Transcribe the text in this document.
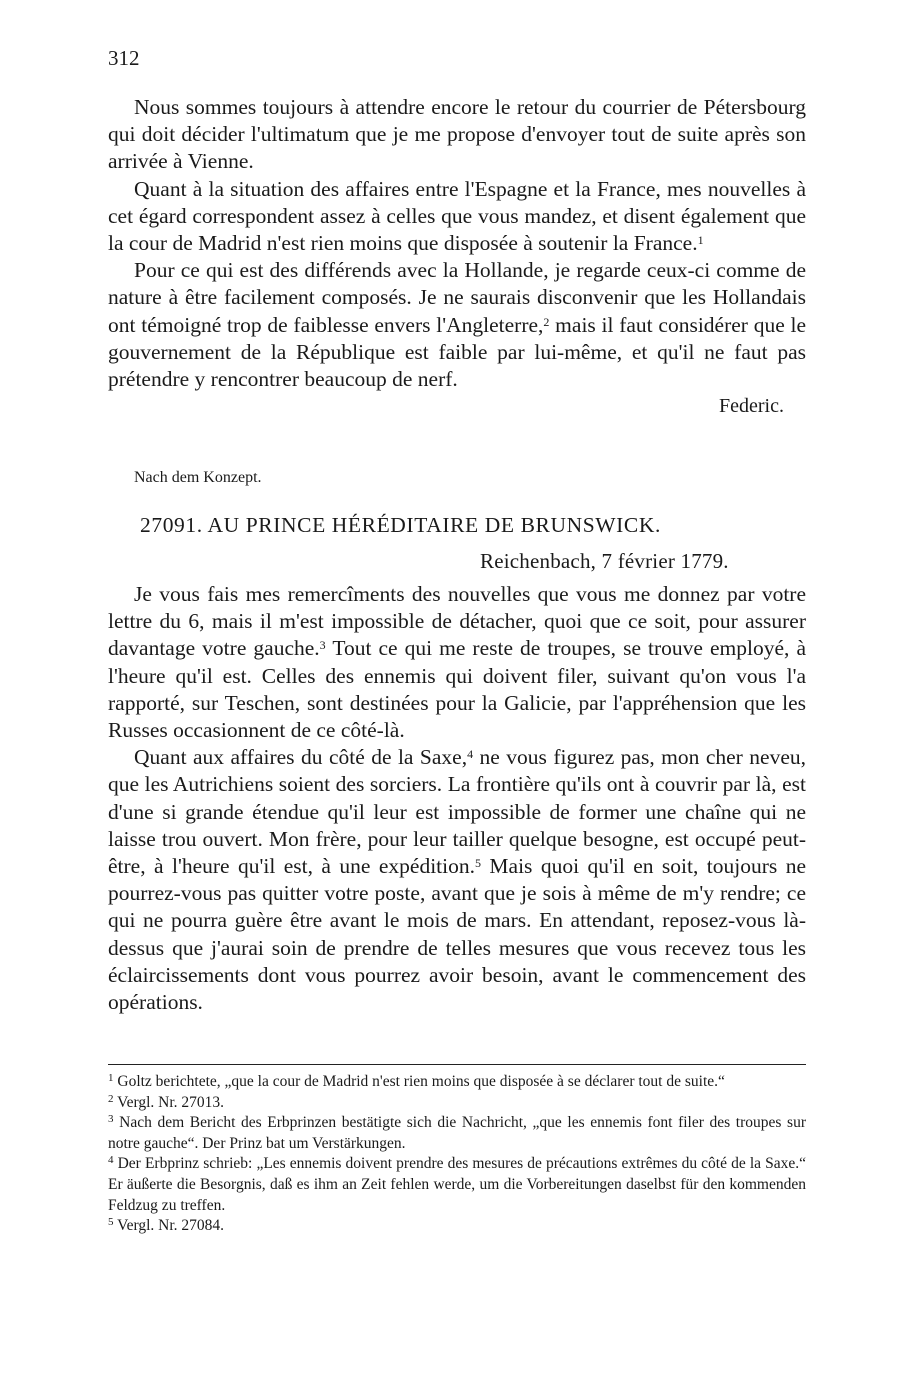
312

Nous sommes toujours à attendre encore le retour du courrier de Pétersbourg qui doit décider l'ultimatum que je me propose d'envoyer tout de suite après son arrivée à Vienne.

Quant à la situation des affaires entre l'Espagne et la France, mes nouvelles à cet égard correspondent assez à celles que vous mandez, et disent également que la cour de Madrid n'est rien moins que disposée à soutenir la France.$^1$

Pour ce qui est des différends avec la Hollande, je regarde ceux-ci comme de nature à être facilement composés. Je ne saurais disconvenir que les Hollandais ont témoigné trop de faiblesse envers l'Angleterre,$^2$ mais il faut considérer que le gouvernement de la République est faible par lui-même, et qu'il ne faut pas prétendre y rencontrer beaucoup de nerf.

Federic.

Nach dem Konzept.
27091. AU PRINCE HÉRÉDITAIRE DE BRUNSWICK.
Reichenbach, 7 février 1779.

Je vous fais mes remercîments des nouvelles que vous me donnez par votre lettre du 6, mais il m'est impossible de détacher, quoi que ce soit, pour assurer davantage votre gauche.$^3$ Tout ce qui me reste de troupes, se trouve employé, à l'heure qu'il est. Celles des ennemis qui doivent filer, suivant qu'on vous l'a rapporté, sur Teschen, sont destinées pour la Galicie, par l'appréhension que les Russes occasionnent de ce côté-là.

Quant aux affaires du côté de la Saxe,$^4$ ne vous figurez pas, mon cher neveu, que les Autrichiens soient des sorciers. La frontière qu'ils ont à couvrir par là, est d'une si grande étendue qu'il leur est impossible de former une chaîne qui ne laisse trou ouvert. Mon frère, pour leur tailler quelque besogne, est occupé peut-être, à l'heure qu'il est, à une expédition.$^5$ Mais quoi qu'il en soit, toujours ne pourrez-vous pas quitter votre poste, avant que je sois à même de m'y rendre; ce qui ne pourra guère être avant le mois de mars. En attendant, reposez-vous là-dessus que j'aurai soin de prendre de telles mesures que vous recevez tous les éclaircissements dont vous pourrez avoir besoin, avant le commencement des opérations.

$^1$ Goltz berichtete, „que la cour de Madrid n'est rien moins que disposée à se déclarer tout de suite.“

$^2$ Vergl. Nr. 27013.

$^3$ Nach dem Bericht des Erbprinzen bestätigte sich die Nachricht, „que les ennemis font filer des troupes sur notre gauche“. Der Prinz bat um Verstärkungen.

$^4$ Der Erbprinz schrieb: „Les ennemis doivent prendre des mesures de précautions extrêmes du côté de la Saxe.“ Er äußerte die Besorgnis, daß es ihm an Zeit fehlen werde, um die Vorbereitungen daselbst für den kommenden Feldzug zu treffen.

$^5$ Vergl. Nr. 27084.
